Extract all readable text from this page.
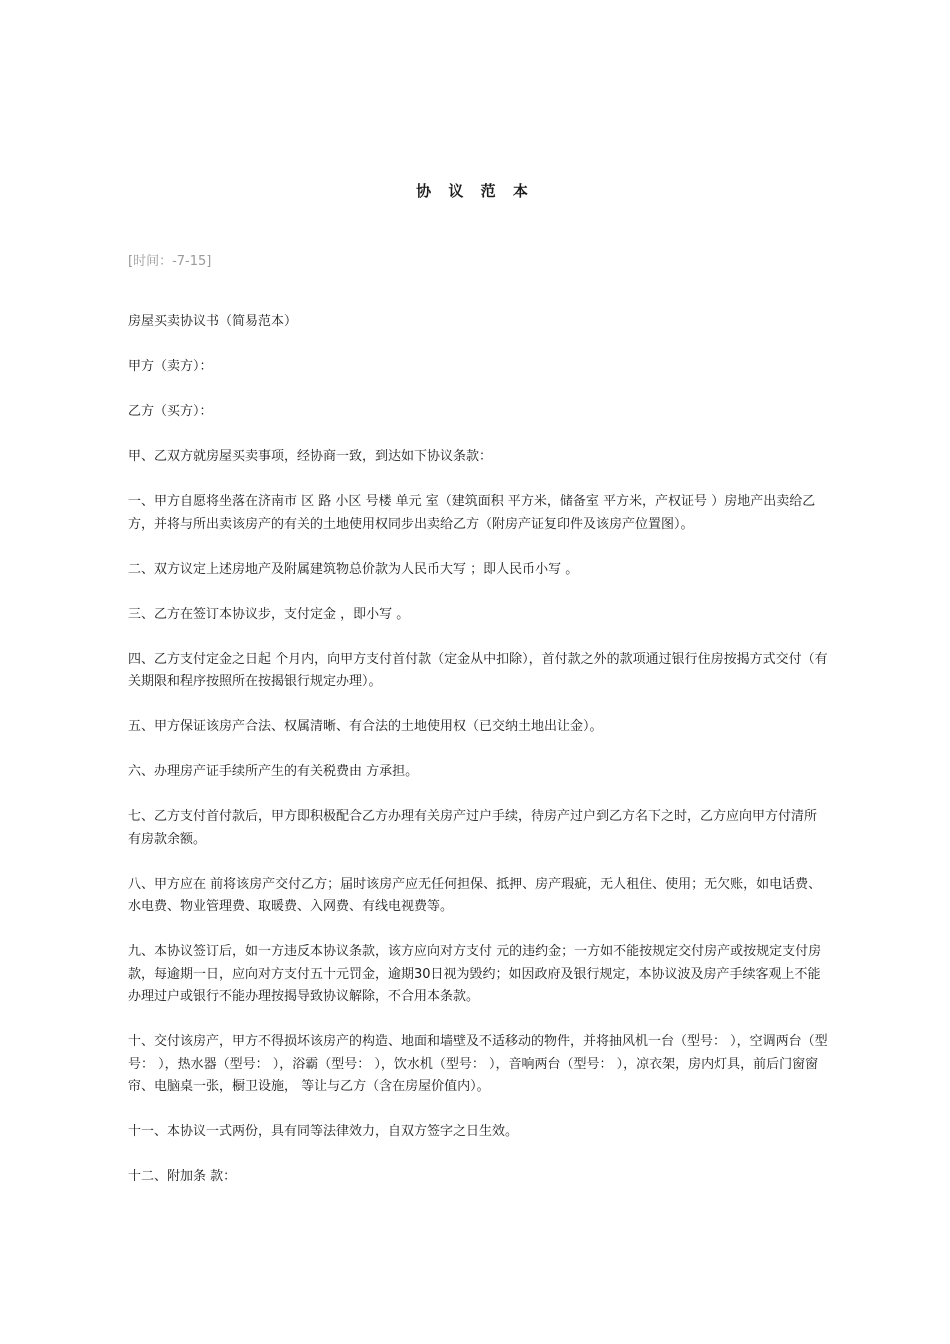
协 议 范 本

[时间：-7-15]

房屋买卖协议书（简易范本）

甲方（卖方）：

乙方（买方）：

甲、乙双方就房屋买卖事项，经协商一致，到达如下协议条款：

一、甲方自愿将坐落在济南市 区 路 小区 号楼 单元 室（建筑面积 平方米，储备室 平方米，产权证号 ）房地产出卖给乙方，并将与所出卖该房产的有关的土地使用权同步出卖给乙方（附房产证复印件及该房产位置图）。

二、双方议定上述房地产及附属建筑物总价款为人民币大写 ；即人民币小写 。

三、乙方在签订本协议步，支付定金 ，即小写 。

四、乙方支付定金之日起 个月内，向甲方支付首付款（定金从中扣除），首付款之外的款项通过银行住房按揭方式交付（有关期限和程序按照所在按揭银行规定办理）。

五、甲方保证该房产合法、权属清晰、有合法的土地使用权（已交纳土地出让金）。

六、办理房产证手续所产生的有关税费由 方承担。

七、乙方支付首付款后，甲方即积极配合乙方办理有关房产过户手续，待房产过户到乙方名下之时，乙方应向甲方付清所有房款余额。

八、甲方应在 前将该房产交付乙方；届时该房产应无任何担保、抵押、房产瑕疵，无人租住、使用；无欠账，如电话费、水电费、物业管理费、取暖费、入网费、有线电视费等。

九、本协议签订后，如一方违反本协议条款，该方应向对方支付 元的违约金；一方如不能按规定交付房产或按规定支付房款，每逾期一日，应向对方支付五十元罚金，逾期30日视为毁约；如因政府及银行规定，本协议波及房产手续客观上不能办理过户或银行不能办理按揭导致协议解除，不合用本条款。

十、交付该房产，甲方不得损坏该房产的构造、地面和墙壁及不适移动的物件，并将抽风机一台（型号： ），空调两台（型号： ），热水器（型号： ），浴霸（型号： ），饮水机（型号： ），音响两台（型号： ），凉衣架，房内灯具，前后门窗窗帘、电脑桌一张，橱卫设施， 等让与乙方（含在房屋价值内）。

十一、本协议一式两份，具有同等法律效力，自双方签字之日生效。

十二、附加条 款：
